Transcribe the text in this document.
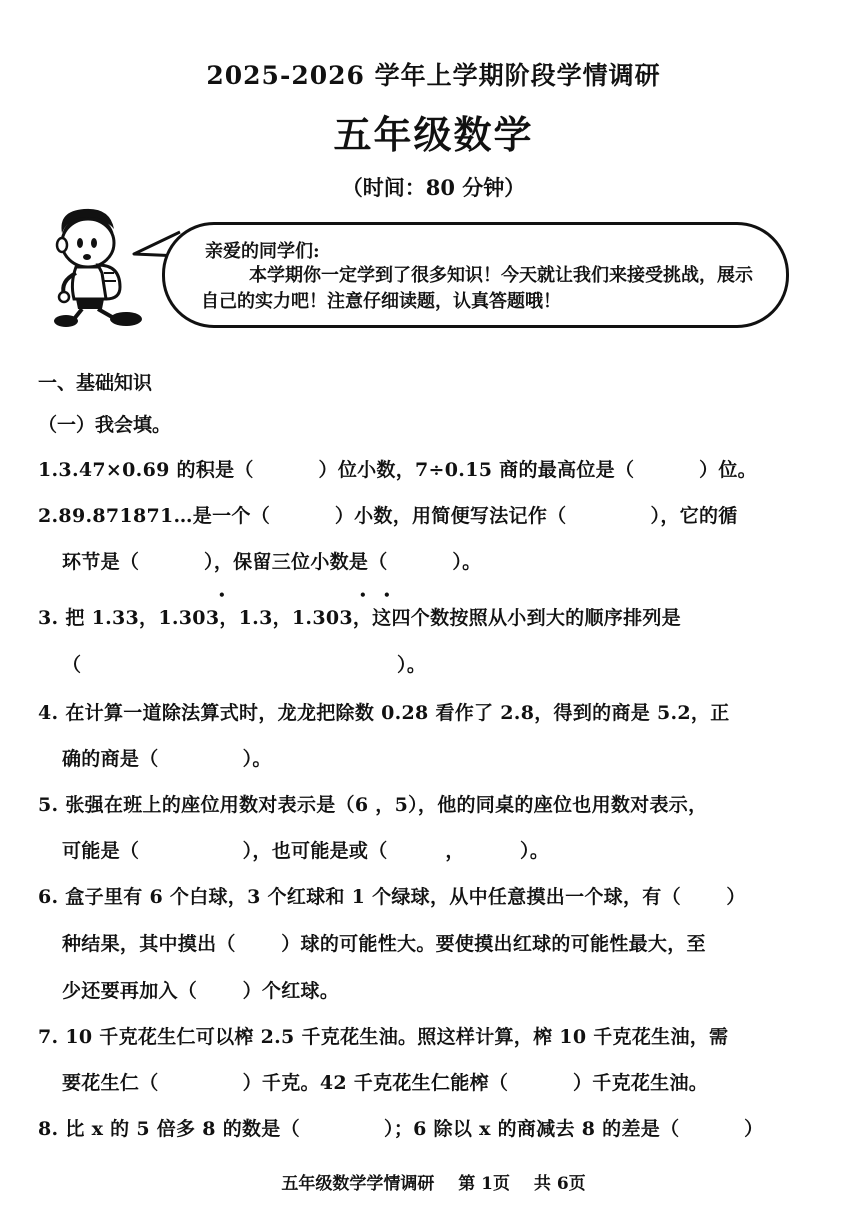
2025-2026 学年上学期阶段学情调研
五年级数学
（时间：80 分钟）
亲爱的同学们:
本学期你一定学到了很多知识！今天就让我们来接受挑战，展示自己的实力吧！注意仔细读题，认真答题哦！
一、基础知识
（一）我会填。
1.3.47×0.69 的积是（　　　 ）位小数，7÷0.15 商的最高位是（　　　 ）位。
2.89.871871…是一个（　　　 ）小数，用简便写法记作（　　　　 ），它的循
环节是（　　　 ），保留三位小数是（　　　 ）。
•	• •
3. 把 1.33，1.303，1.3，1.303，这四个数按照从小到大的顺序排列是
（　　　　　　　　　　　　　　　　 ）。
4. 在计算一道除法算式时，龙龙把除数 0.28 看作了 2.8，得到的商是 5.2，正
确的商是（　　　　 ）。
5. 张强在班上的座位用数对表示是（6 ，5），他的同桌的座位也用数对表示，
可能是（　　　　　 ），也可能是或（　　　，　　　 ）。
6. 盒子里有 6 个白球，3 个红球和 1 个绿球，从中任意摸出一个球，有（　　 ）
种结果，其中摸出（　　 ）球的可能性大。要使摸出红球的可能性最大，至
少还要再加入（　　 ）个红球。
7. 10 千克花生仁可以榨 2.5 千克花生油。照这样计算，榨 10 千克花生油，需
要花生仁（　　　　 ）千克。42 千克花生仁能榨（　　　 ）千克花生油。
8. 比 x 的 5 倍多 8 的数是（　　　　 ）；6 除以 x 的商减去 8 的差是（　　　 ）
五年级数学学情调研 第 1页 共 6页
